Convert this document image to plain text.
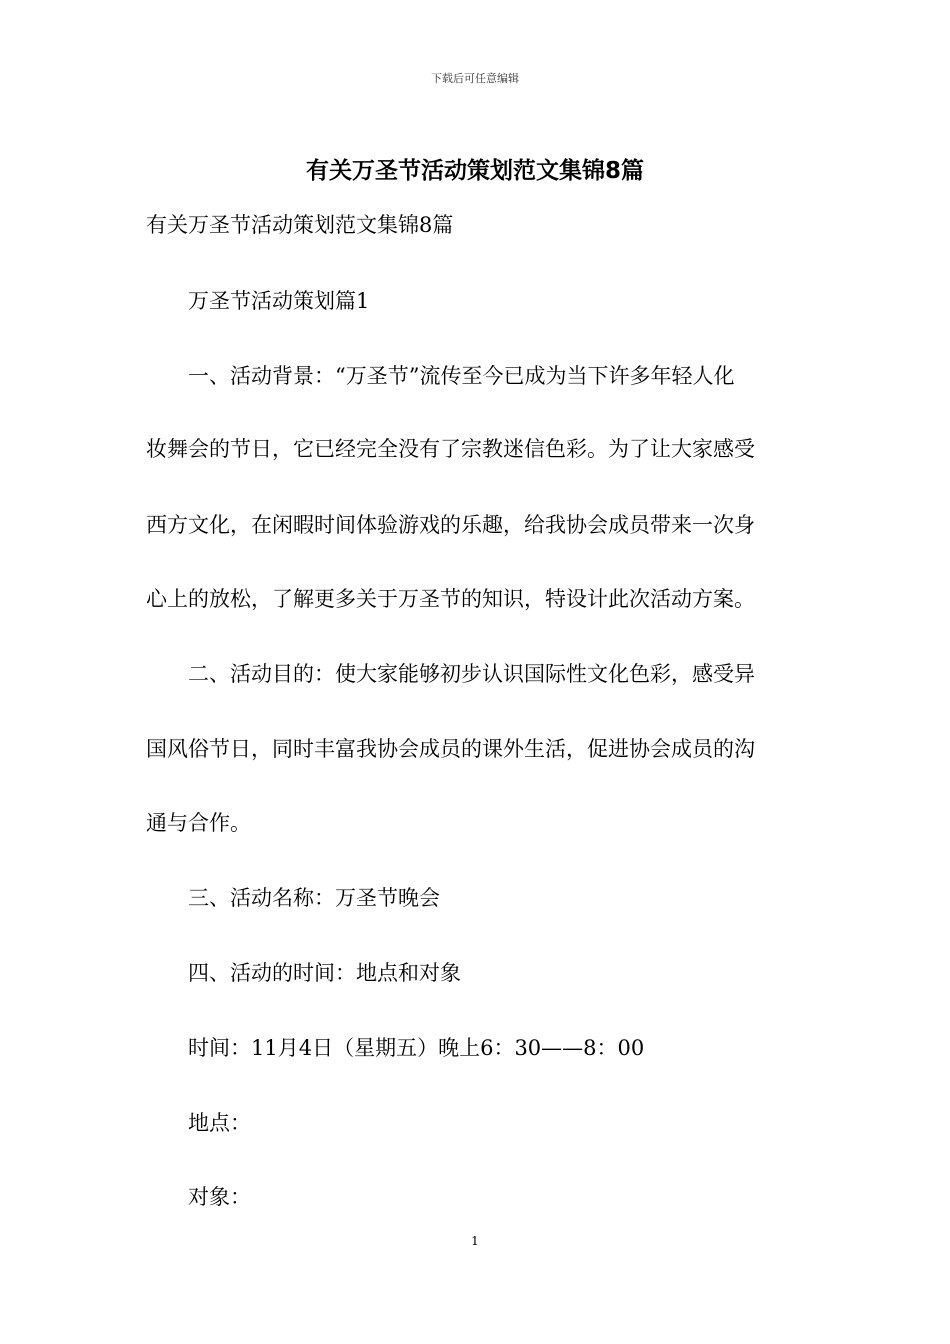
下载后可任意编辑
有关万圣节活动策划范文集锦8篇
有关万圣节活动策划范文集锦8篇
万圣节活动策划篇1
一、活动背景：“万圣节”流传至今已成为当下许多年轻人化
妆舞会的节日，它已经完全没有了宗教迷信色彩。为了让大家感受
西方文化，在闲暇时间体验游戏的乐趣，给我协会成员带来一次身
心上的放松，了解更多关于万圣节的知识，特设计此次活动方案。
二、活动目的：使大家能够初步认识国际性文化色彩，感受异
国风俗节日，同时丰富我协会成员的课外生活，促进协会成员的沟
通与合作。
三、活动名称：万圣节晚会
四、活动的时间：地点和对象
时间：11月4日（星期五）晚上6：30——8：00
地点：
对象：
1
